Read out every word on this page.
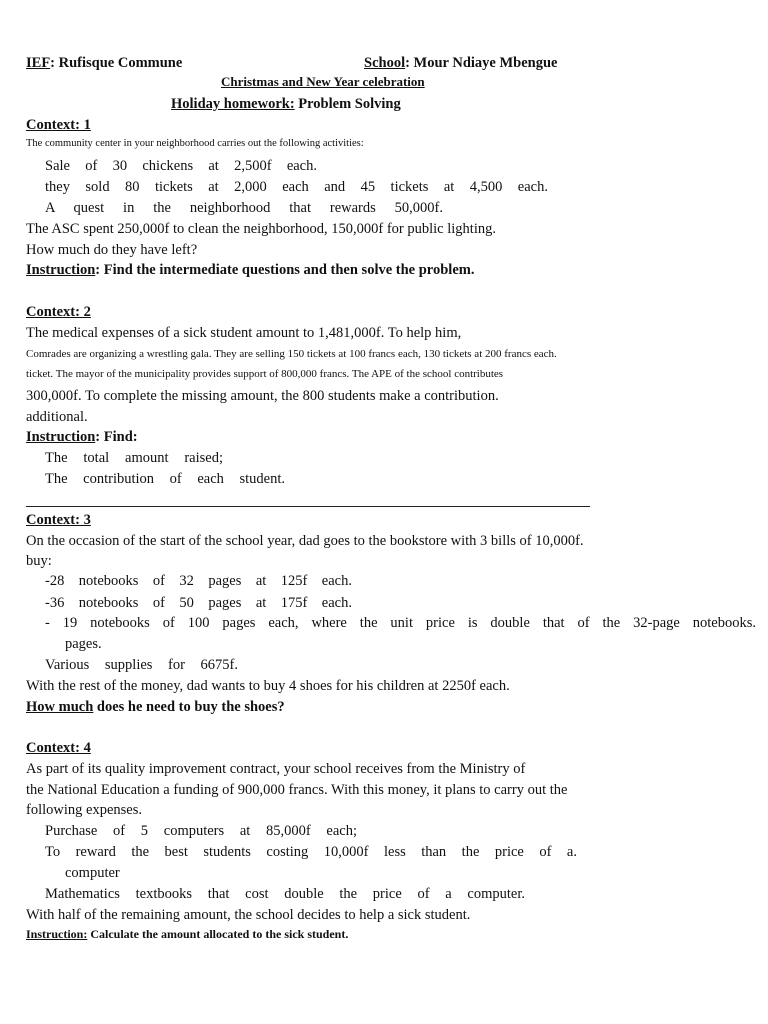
IEF: Rufisque Commune	School: Mour Ndiaye Mbengue
Christmas and New Year celebration
Holiday homework: Problem Solving
Context: 1
The community center in your neighborhood carries out the following activities:
Sale of 30 chickens at 2,500f each.
they sold 80 tickets at 2,000 each and 45 tickets at 4,500 each.
A quest in the neighborhood that rewards 50,000f.
The ASC spent 250,000f to clean the neighborhood, 150,000f for public lighting.
How much do they have left?
Instruction: Find the intermediate questions and then solve the problem.
Context: 2
The medical expenses of a sick student amount to 1,481,000f. To help him,
Comrades are organizing a wrestling gala. They are selling 150 tickets at 100 francs each, 130 tickets at 200 francs each.
ticket. The mayor of the municipality provides support of 800,000 francs. The APE of the school contributes
300,000f. To complete the missing amount, the 800 students make a contribution.
additional.
Instruction: Find:
The total amount raised;
The contribution of each student.
Context: 3
On the occasion of the start of the school year, dad goes to the bookstore with 3 bills of 10,000f.
buy:
-28 notebooks of 32 pages at 125f each.
-36 notebooks of 50 pages at 175f each.
- 19 notebooks of 100 pages each, where the unit price is double that of the 32-page notebooks.
pages.
Various supplies for 6675f.
With the rest of the money, dad wants to buy 4 shoes for his children at 2250f each.
How much does he need to buy the shoes?
Context: 4
As part of its quality improvement contract, your school receives from the Ministry of
the National Education a funding of 900,000 francs. With this money, it plans to carry out the
following expenses.
Purchase of 5 computers at 85,000f each;
To reward the best students costing 10,000f less than the price of a.
computer
Mathematics textbooks that cost double the price of a computer.
With half of the remaining amount, the school decides to help a sick student.
Instruction: Calculate the amount allocated to the sick student.
